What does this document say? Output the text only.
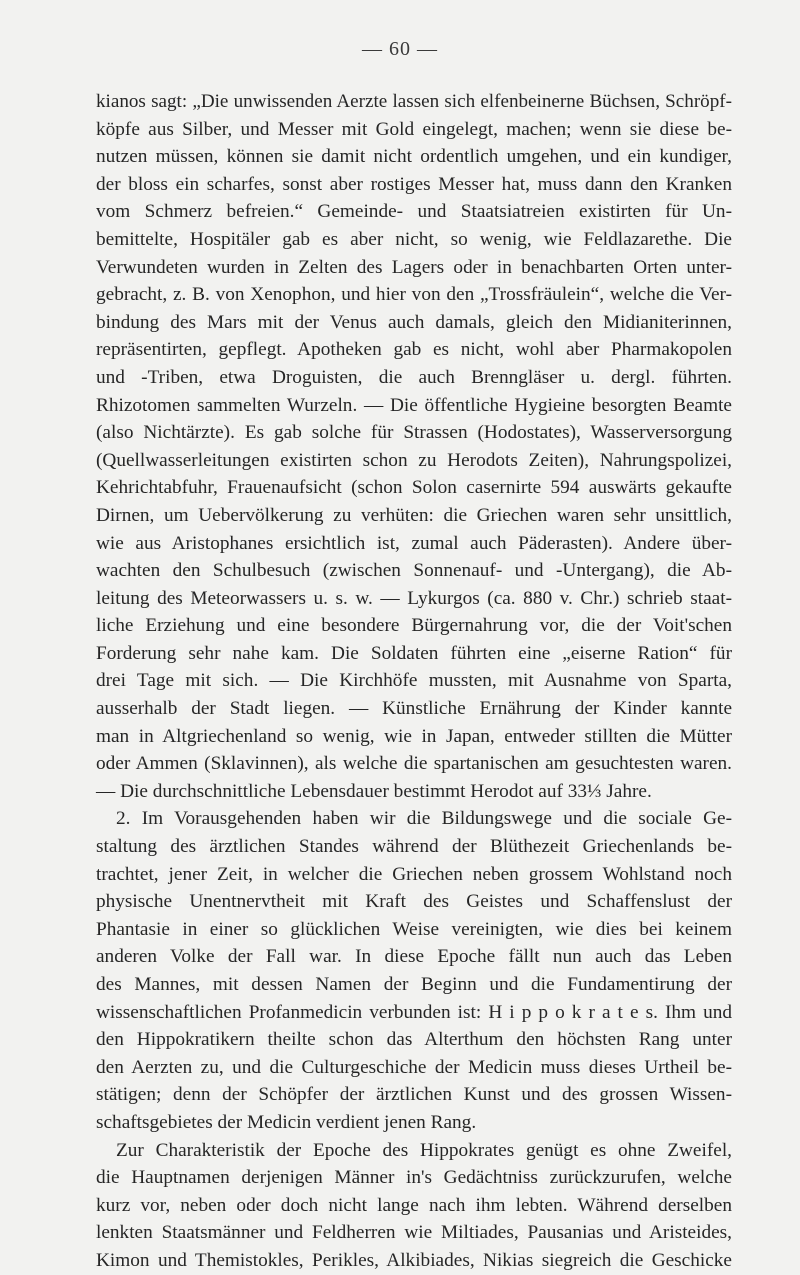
— 60 —
kianos sagt: „Die unwissenden Aerzte lassen sich elfenbeinerne Büchsen, Schröpf-
köpfe aus Silber, und Messer mit Gold eingelegt, machen; wenn sie diese be-
nutzen müssen, können sie damit nicht ordentlich umgehen, und ein kundiger,
der bloss ein scharfes, sonst aber rostiges Messer hat, muss dann den Kranken
vom Schmerz befreien.“ Gemeinde- und Staatsiatreien existirten für Un-
bemittelte, Hospitäler gab es aber nicht, so wenig, wie Feldlazarethe. Die
Verwundeten wurden in Zelten des Lagers oder in benachbarten Orten unter-
gebracht, z. B. von Xenophon, und hier von den „Trossfräulein“, welche die Ver-
bindung des Mars mit der Venus auch damals, gleich den Midianiterinnen,
repräsentirten, gepflegt. Apotheken gab es nicht, wohl aber Pharmakopolen
und -Triben, etwa Droguisten, die auch Brenngläser u. dergl. führten.
Rhizotomen sammelten Wurzeln. — Die öffentliche Hygieine besorgten Beamte
(also Nichtärzte). Es gab solche für Strassen (Hodostates), Wasserversorgung
(Quellwasserleitungen existirten schon zu Herodots Zeiten), Nahrungspolizei,
Kehrichtabfuhr, Frauenaufsicht (schon Solon casernirte 594 auswärts gekaufte
Dirnen, um Uebervölkerung zu verhüten: die Griechen waren sehr unsittlich,
wie aus Aristophanes ersichtlich ist, zumal auch Päderasten). Andere über-
wachten den Schulbesuch (zwischen Sonnenauf- und -Untergang), die Ab-
leitung des Meteorwassers u. s. w. — Lykurgos (ca. 880 v. Chr.) schrieb staat-
liche Erziehung und eine besondere Bürgernahrung vor, die der Voit'schen
Forderung sehr nahe kam. Die Soldaten führten eine „eiserne Ration“ für
drei Tage mit sich. — Die Kirchhöfe mussten, mit Ausnahme von Sparta,
ausserhalb der Stadt liegen. — Künstliche Ernährung der Kinder kannte
man in Altgriechenland so wenig, wie in Japan, entweder stillten die Mütter
oder Ammen (Sklavinnen), als welche die spartanischen am gesuchtesten waren.
— Die durchschnittliche Lebensdauer bestimmt Herodot auf 33⅓ Jahre.
2. Im Vorausgehenden haben wir die Bildungswege und die sociale Ge-
staltung des ärztlichen Standes während der Blüthezeit Griechenlands be-
trachtet, jener Zeit, in welcher die Griechen neben grossem Wohlstand noch
physische Unentnervtheit mit Kraft des Geistes und Schaffenslust der
Phantasie in einer so glücklichen Weise vereinigten, wie dies bei keinem
anderen Volke der Fall war. In diese Epoche fällt nun auch das Leben
des Mannes, mit dessen Namen der Beginn und die Fundamentirung der
wissenschaftlichen Profanmedicin verbunden ist: H i p p o k r a t e s. Ihm und
den Hippokratikern theilte schon das Alterthum den höchsten Rang unter
den Aerzten zu, und die Culturgeschiche der Medicin muss dieses Urtheil be-
stätigen; denn der Schöpfer der ärztlichen Kunst und des grossen Wissen-
schaftsgebietes der Medicin verdient jenen Rang.
Zur Charakteristik der Epoche des Hippokrates genügt es ohne Zweifel,
die Hauptnamen derjenigen Männer in's Gedächtniss zurückzurufen, welche
kurz vor, neben oder doch nicht lange nach ihm lebten. Während derselben
lenkten Staatsmänner und Feldherren wie Miltiades, Pausanias und Aristeides,
Kimon und Themistokles, Perikles, Alkibiades, Nikias siegreich die Geschicke
